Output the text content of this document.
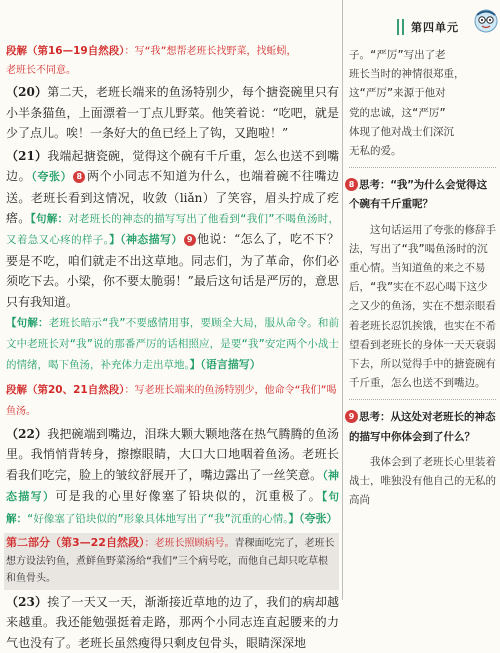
第四单元
段解（第16—19自然段）：写“我”想帮老班长找野菜，找蚯蚓，
老班长不同意。

（20）第二天，老班长端来的鱼汤特别少，每个搪瓷碗里只有小半条猫鱼，上面漂着一丁点儿野菜。他笑着说：“吃吧，就是少了点儿。唉！一条好大的鱼已经上了钩，又跑啦！”

（21）我端起搪瓷碗，觉得这个碗有千斤重，怎么也送不到嘴边。（夸张） 8 两个小同志不知道为什么，也端着碗不往嘴边送。老班长看到这情况，收敛（liǎn）了笑容，眉头拧成了疙瘩。【句解：对老班长的神态的描写写出了他看到“我们”不喝鱼汤时，又着急又心疼的样子。】（神态描写） 9 他说：“怎么了，吃不下？要是不吃，咱们就走不出这草地。同志们，为了革命，你们必须吃下去。小梁，你不要太脆弱！”最后这句话是严厉的，意思只有我知道。
【句解：老班长暗示“我”不要感情用事，要顾全大局，服从命令。和前文中老班长对“我”说的那番严厉的话相照应，是要“我”安定两个小战士的情绪，喝下鱼汤，补充体力走出草地。】（语言描写）

段解（第20、21自然段）：写老班长端来的鱼汤特别少，他命令“我们”喝鱼汤。

（22）我把碗端到嘴边，泪珠大颗大颗地落在热气腾腾的鱼汤里。我悄悄背转身，擦擦眼睛，大口大口地咽着鱼汤。老班长看我们吃完，脸上的皱纹舒展开了，嘴边露出了一丝笑意。（神态描写）可是我的心里好像塞了铅块似的，沉重极了。【句解：“好像塞了铅块似的”形象具体地写出了“我”沉重的心情。】（夸张）

第二部分（第3—22自然段）：老班长照顾病号。青稞面吃完了，老班长想方设法钓鱼，煮鲜鱼野菜汤给“我们”三个病号吃，而他自己却只吃草根和鱼骨头。

（23）挨了一天又一天，渐渐接近草地的边了，我们的病却越来越重。我还能勉强挺着走路，那两个小同志连直起腰来的力气也没有了。老班长虽然瘦得只剩皮包骨头，眼睛深深地

子。“严厉”写出了老
班长当时的神情很郑重，
这“严厉”来源于他对
党的忠诚，这“严厉”
体现了他对战士们深沉
无私的爱。
8 思考：“我”为什么会觉得这个碗有千斤重呢？
这句话运用了夸张的修辞手法，写出了“我”喝鱼汤时的沉重心情。当知道鱼的来之不易后，“我”实在不忍心喝下这少之又少的鱼汤，实在不想亲眼看着老班长忍饥挨饿，也实在不希望看到老班长的身体一天天衰弱下去，所以觉得手中的搪瓷碗有千斤重，怎么也送不到嘴边。
9 思考：从这处对老班长的神态的描写中你体会到了什么？
我体会到了老班长心里装着战士，唯独没有他自己的无私的高尚
